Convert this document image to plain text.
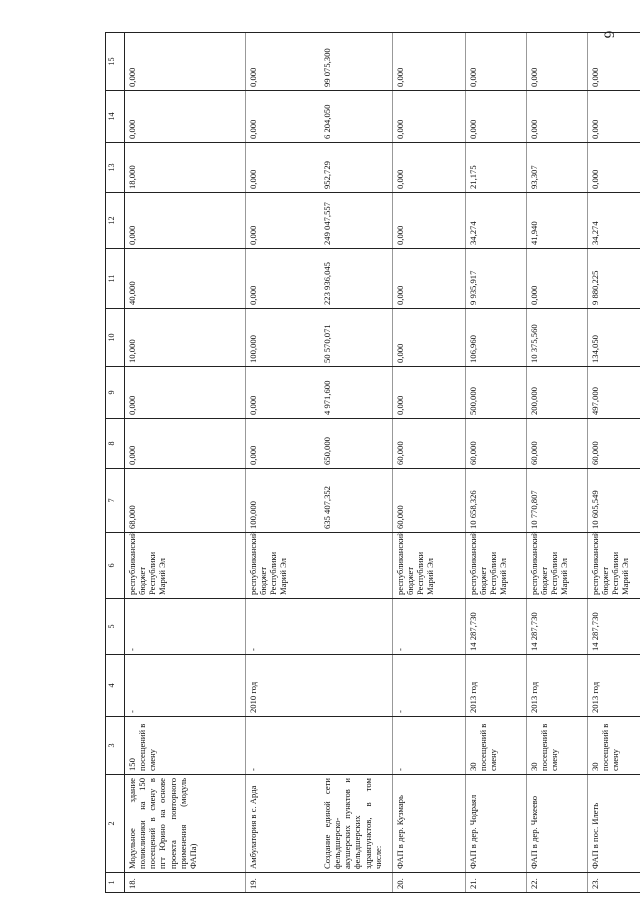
6
1	2	3	4	5	6	7	8	9	10	11	12	13	14	15
18.	Модульное здание поликлиники на 150 посещений в смену в пгт Юрино на основе проекта повторного применения (модуль ФАПа)	150 посещений в смену	-	-	республиканский бюджет Республики Марий Эл	68,000	0,000	0,000	10,000	40,000	0,000	18,000	0,000	0,000
19.	Амбулатория в с. Арда	-	2010 год	-	республиканский бюджет Республики Марий Эл	100,000	0,000	0,000	100,000	0,000	0,000	0,000	0,000	0,000
	Создание единой сети фельдшерско-акушерских пунктов и фельдшерских здравпунктов, в том числе:					635 407,352	650,000	4 971,600	50 570,071	223 936,045	249 047,557	952,729	6 204,050	99 075,300
20.	ФАП в дер. Кузмарь	-	-	-	республиканский бюджет Республики Марий Эл	60,000	60,000	0,000	0,000	0,000	0,000	0,000	0,000	0,000
21.	ФАП в дер. Чодраял	30 посещений в смену	2013 год	14 287,730	республиканский бюджет Республики Марий Эл	10 658,326	60,000	500,000	106,960	9 935,917	34,274	21,175	0,000	0,000
22.	ФАП в дер. Чекеево	30 посещений в смену	2013 год	14 287,730	республиканский бюджет Республики Марий Эл	10 770,807	60,000	200,000	10 375,560	0,000	41,940	93,307	0,000	0,000
23.	ФАП в пос. Илеть	30 посещений в смену	2013 год	14 287,730	республиканский бюджет Республики Марий Эл	10 605,549	60,000	497,000	134,050	9 880,225	34,274	0,000	0,000	0,000
